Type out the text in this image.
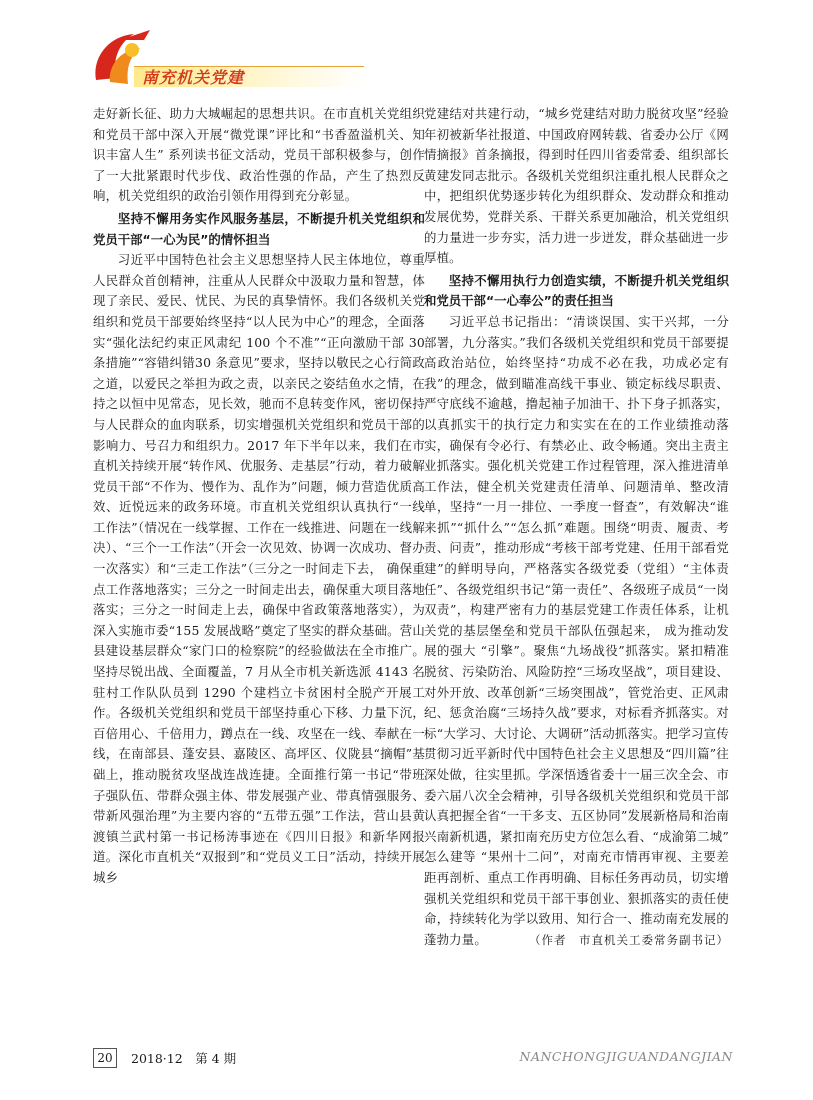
南充机关党建

走好新长征、助力大城崛起的思想共识。在市直机关党组织和党员干部中深入开展“微党课”评比和“书香盈溢机关、知识丰富人生” 系列读书征文活动，党员干部积极参与，创作了一大批紧跟时代步伐、政治性强的作品，产生了热烈反响，机关党组织的政治引领作用得到充分彰显。

坚持不懈用务实作风服务基层，不断提升机关党组织和党员干部“一心为民”的情怀担当

习近平中国特色社会主义思想坚持人民主体地位，尊重人民群众首创精神，注重从人民群众中汲取力量和智慧，体现了亲民、爱民、忧民、为民的真挚情怀。我们各级机关党组织和党员干部要始终坚持“以人民为中心”的理念，全面落实“强化法纪约束正风肃纪 100 个不准”“正向激励干部 30 条措施”“容错纠错30 条意见”要求，坚持以敬民之心行简政之道，以爱民之举担为政之责，以亲民之姿结鱼水之情，在持之以恒中见常态，见长效，驰而不息转变作风，密切保持与人民群众的血肉联系，切实增强机关党组织和党员干部的影响力、号召力和组织力。2017 年下半年以来，我们在市直机关持续开展“转作风、优服务、走基层”行动，着力破解党员干部“不作为、慢作为、乱作为”问题，倾力营造优质高效、近悦远来的政务环境。市直机关党组织认真执行“一线工作法”（情况在一线掌握、工作在一线推进、问题在一线解决）、“三个一工作法”（开会一次见效、协调一次成功、督办一次落实）和“三走工作法”（三分之一时间走下去， 确保重点工作落地落实；三分之一时间走出去，确保重大项目落地落实；三分之一时间走上去，确保中省政策落地落实），为深入实施市委“155 发展战略”奠定了坚实的群众基础。营山县建设基层群众“家门口的检察院”的经验做法在全市推广。坚持尽锐出战、全面覆盖，7 月从全市机关新选派 4143 名驻村工作队队员到 1290 个建档立卡贫困村全脱产开展工作。各级机关党组织和党员干部坚持重心下移、力量下沉，百倍用心、千倍用力，蹲点在一线、攻坚在一线、奉献在一线，在南部县、蓬安县、嘉陵区、高坪区、仪陇县“摘帽”基础上，推动脱贫攻坚战连战连捷。全面推行第一书记“带班子强队伍、带群众强主体、带发展强产业、带真情强服务、带新风强治理”为主要内容的“五带五强”工作法，营山县黄渡镇兰武村第一书记杨涛事迹在《四川日报》和新华网报道。深化市直机关“双报到”和“党员义工日”活动，持续开展城乡

党建结对共建行动，“城乡党建结对助力脱贫攻坚”经验年初被新华社报道、中国政府网转载、省委办公厅《网情摘报》首条摘报，得到时任四川省委常委、组织部长黄建发同志批示。各级机关党组织注重扎根人民群众之中，把组织优势逐步转化为组织群众、发动群众和推动发展优势，党群关系、干群关系更加融洽，机关党组织的力量进一步夯实，活力进一步迸发，群众基础进一步厚植。

坚持不懈用执行力创造实绩，不断提升机关党组织和党员干部“一心奉公”的责任担当

习近平总书记指出：“清谈误国、实干兴邦，一分部署，九分落实。”我们各级机关党组织和党员干部要提高政治站位，始终坚持“功成不必在我，功成必定有我”的理念，做到瞄准高线干事业、锁定标线尽职责、严守底线不逾越，撸起袖子加油干、扑下身子抓落实，以真抓实干的执行定力和实实在在的工作业绩推动落实，确保有令必行、有禁必止、政令畅通。突出主责主业抓落实。强化机关党建工作过程管理，深入推进清单工作法，健全机关党建责任清单、问题清单、整改清单，坚持“一月一排位、一季度一督查”，有效解决“谁来抓”“抓什么”“怎么抓”难题。围绕“明责、履责、考责、问责”，推动形成“考核干部考党建、任用干部看党建”的鲜明导向，严格落实各级党委（党组）“主体责任”、各级党组织书记“第一责任”、各级班子成员“一岗双责”，构建严密有力的基层党建工作责任体系，让机关党的基层堡垒和党员干部队伍强起来， 成为推动发展的强大 “引擎”。聚焦“九场战役”抓落实。紧扣精准脱贫、污染防治、风险防控“三场攻坚战”，项目建设、对外开放、改革创新“三场突围战”，管党治吏、正风肃纪、惩贪治腐“三场持久战”要求，对标看齐抓落实。对标“大学习、大讨论、大调研”活动抓落实。把学习宣传贯彻习近平新时代中国特色社会主义思想及“四川篇”往深处做，往实里抓。学深悟透省委十一届三次全会、市委六届八次全会精神，引导各级机关党组织和党员干部认真把握全省“一干多支、五区协同”发展新格局和治南兴南新机遇，紧扣南充历史方位怎么看、“成渝第二城” 怎么建等 “果州十二问”，对南充市情再审视、主要差距再剖析、重点工作再明确、目标任务再动员，切实增强机关党组织和党员干部干事创业、狠抓落实的责任使命，持续转化为学以致用、知行合一、推动南充发展的蓬勃力量。	（作者　市直机关工委常务副书记）

20	2018·12　第 4 期	NANCHONGJIGUANDANGJIAN
